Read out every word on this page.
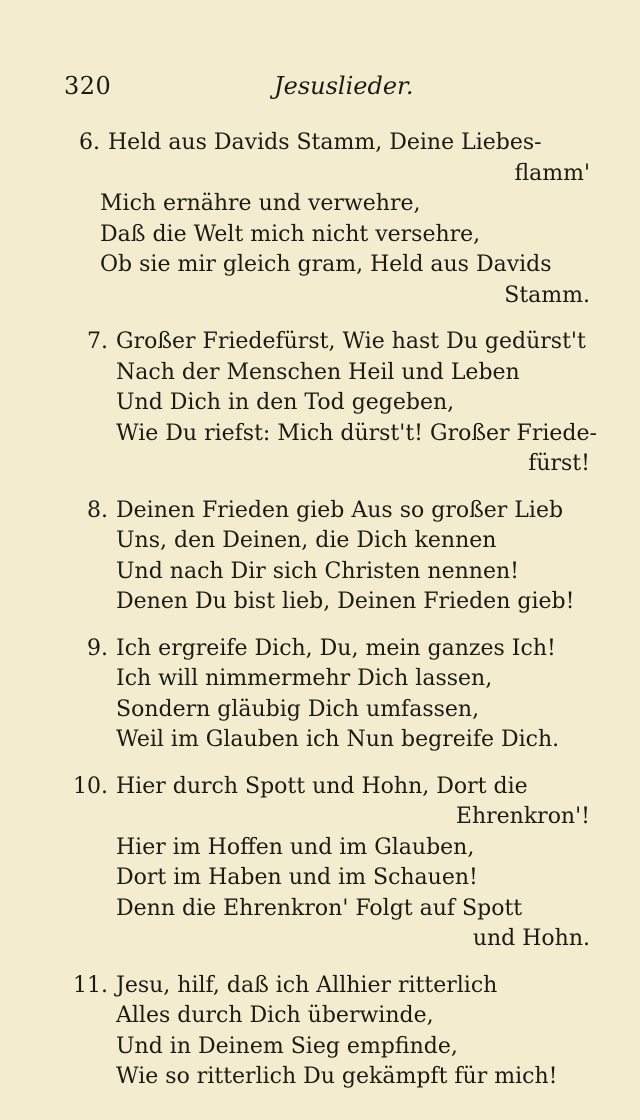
320	Jesuslieder.
6. Held aus Davids Stamm, Deine Liebes-
flamm'
Mich ernähre und verwehre,
Daß die Welt mich nicht versehre,
Ob sie mir gleich gram, Held aus Davids
Stamm.
7. Großer Friedefürst, Wie hast Du gedürst't
Nach der Menschen Heil und Leben
Und Dich in den Tod gegeben,
Wie Du riefst: Mich dürst't! Großer Friede-
fürst!
8. Deinen Frieden gieb Aus so großer Lieb
Uns, den Deinen, die Dich kennen
Und nach Dir sich Christen nennen!
Denen Du bist lieb, Deinen Frieden gieb!
9. Ich ergreife Dich, Du, mein ganzes Ich!
Ich will nimmermehr Dich lassen,
Sondern gläubig Dich umfassen,
Weil im Glauben ich Nun begreife Dich.
10. Hier durch Spott und Hohn, Dort die
Ehrenkron'!
Hier im Hoffen und im Glauben,
Dort im Haben und im Schauen!
Denn die Ehrenkron' Folgt auf Spott
und Hohn.
11. Jesu, hilf, daß ich Allhier ritterlich
Alles durch Dich überwinde,
Und in Deinem Sieg empfinde,
Wie so ritterlich Du gekämpft für mich!
